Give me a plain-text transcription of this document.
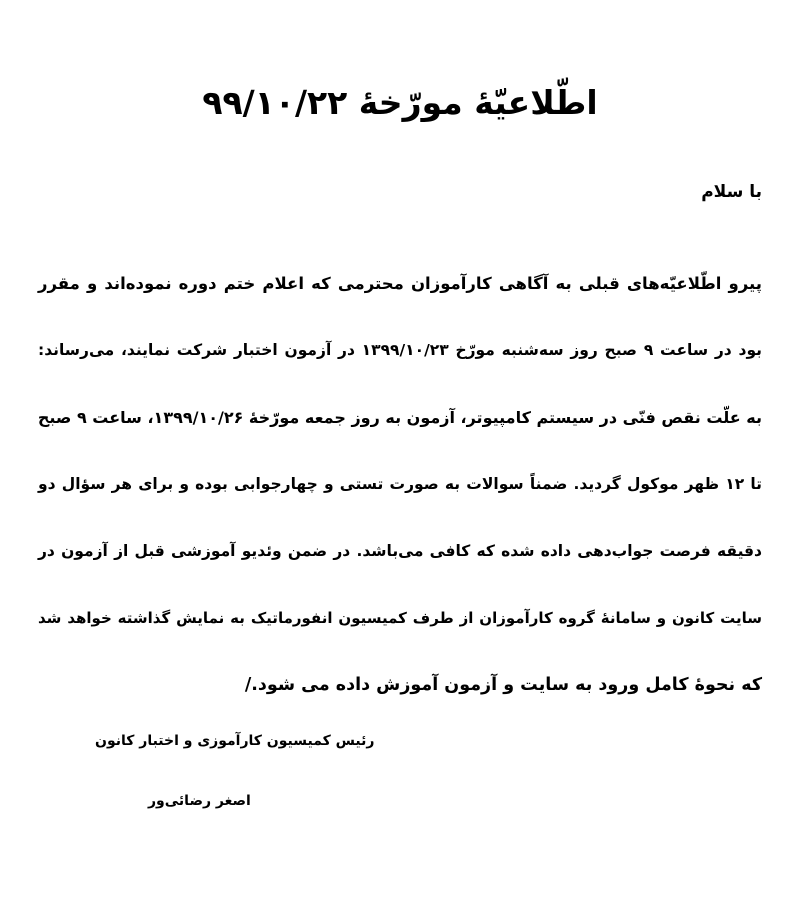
اطّلاعیّۀ مورّخۀ ۹۹/۱۰/۲۲

با سلام

پیرو اطّلاعیّه‌های قبلی به آگاهی کارآموزان محترمی که اعلام ختم دوره نموده‌اند و مقرر
بود در ساعت ۹ صبح روز سه‌شنبه مورّخ ۱۳۹۹/۱۰/۲۳ در آزمون اختبار شرکت نمایند، می‌رساند:
به علّت نقص فنّی در سیستم کامپیوتر، آزمون به روز جمعه مورّخۀ ۱۳۹۹/۱۰/۲۶، ساعت ۹ صبح
تا ۱۲ ظهر موکول گردید. ضمناً سوالات به صورت تستی و چهارجوابی بوده و برای هر سؤال دو
دقیقه فرصت جواب‌دهی داده شده که کافی می‌باشد. در ضمن وئدیو آموزشی قبل از آزمون در
سایت کانون و سامانۀ گروه کارآموزان از طرف کمیسیون انفورماتیک به نمایش گذاشته خواهد شد
که نحوۀ کامل ورود به سایت و آزمون آموزش داده می شود./

رئیس کمیسیون کارآموزی و اختبار کانون

اصغر رضائی‌ور
